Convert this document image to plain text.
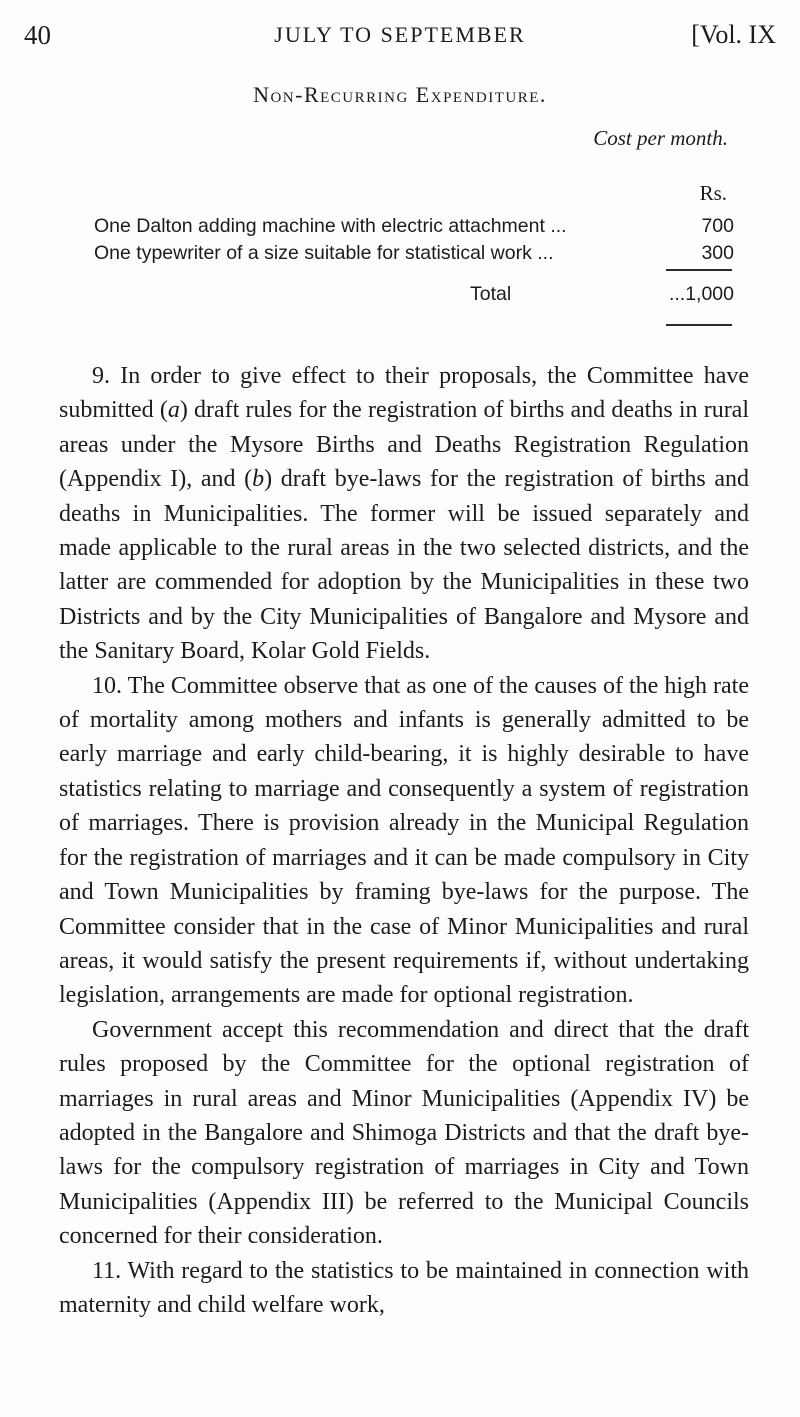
40	JULY TO SEPTEMBER	[Vol. IX
Non-Recurring Expenditure.
Cost per month.
Rs.
One Dalton adding machine with electric attachment ...	700
One typewriter of a size suitable for statistical work ...	300
Total	...1,000

9. In order to give effect to their proposals, the Committee have submitted (a) draft rules for the registration of births and deaths in rural areas under the Mysore Births and Deaths Registration Regulation (Appendix I), and (b) draft bye-laws for the registration of births and deaths in Municipalities. The former will be issued separately and made applicable to the rural areas in the two selected districts, and the latter are commended for adoption by the Municipalities in these two Districts and by the City Municipalities of Bangalore and Mysore and the Sanitary Board, Kolar Gold Fields.

10. The Committee observe that as one of the causes of the high rate of mortality among mothers and infants is generally admitted to be early marriage and early child-bearing, it is highly desirable to have statistics relating to marriage and consequently a system of registration of marriages. There is provision already in the Municipal Regulation for the registration of marriages and it can be made compulsory in City and Town Municipalities by framing bye-laws for the purpose. The Committee consider that in the case of Minor Municipalities and rural areas, it would satisfy the present requirements if, without undertaking legislation, arrangements are made for optional registration.

Government accept this recommendation and direct that the draft rules proposed by the Committee for the optional registration of marriages in rural areas and Minor Municipalities (Appendix IV) be adopted in the Bangalore and Shimoga Districts and that the draft bye-laws for the compulsory registration of marriages in City and Town Municipalities (Appendix III) be referred to the Municipal Councils concerned for their consideration.

11. With regard to the statistics to be maintained in connection with maternity and child welfare work,
